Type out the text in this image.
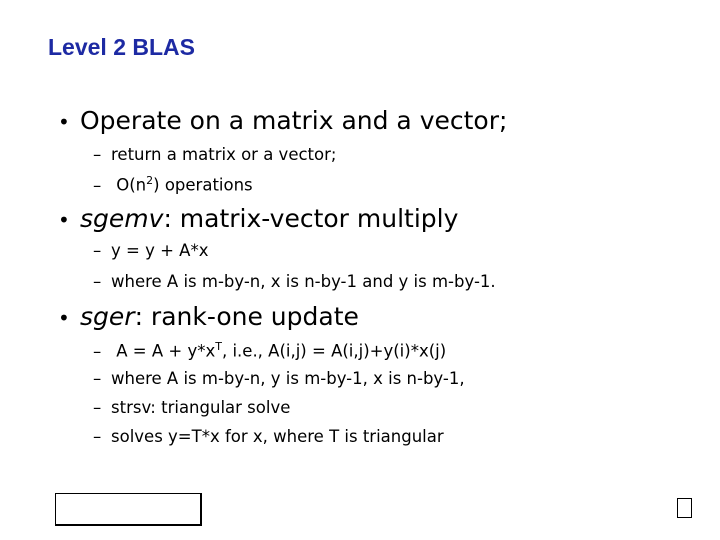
Level 2 BLAS
• Operate on a matrix and a vector;
– return a matrix or a vector;
– $O(n^2)$ operations
• sgemv: matrix-vector multiply
– y = y + A*x
– where A is m-by-n, x is n-by-1 and y is m-by-1.
• sger: rank-one update
– $A = A + y*x^T$, i.e., A(i,j) = A(i,j)+y(i)*x(j)
– where A is m-by-n, y is m-by-1, x is n-by-1,
– strsv: triangular solve
– solves y=T*x for x, where T is triangular
